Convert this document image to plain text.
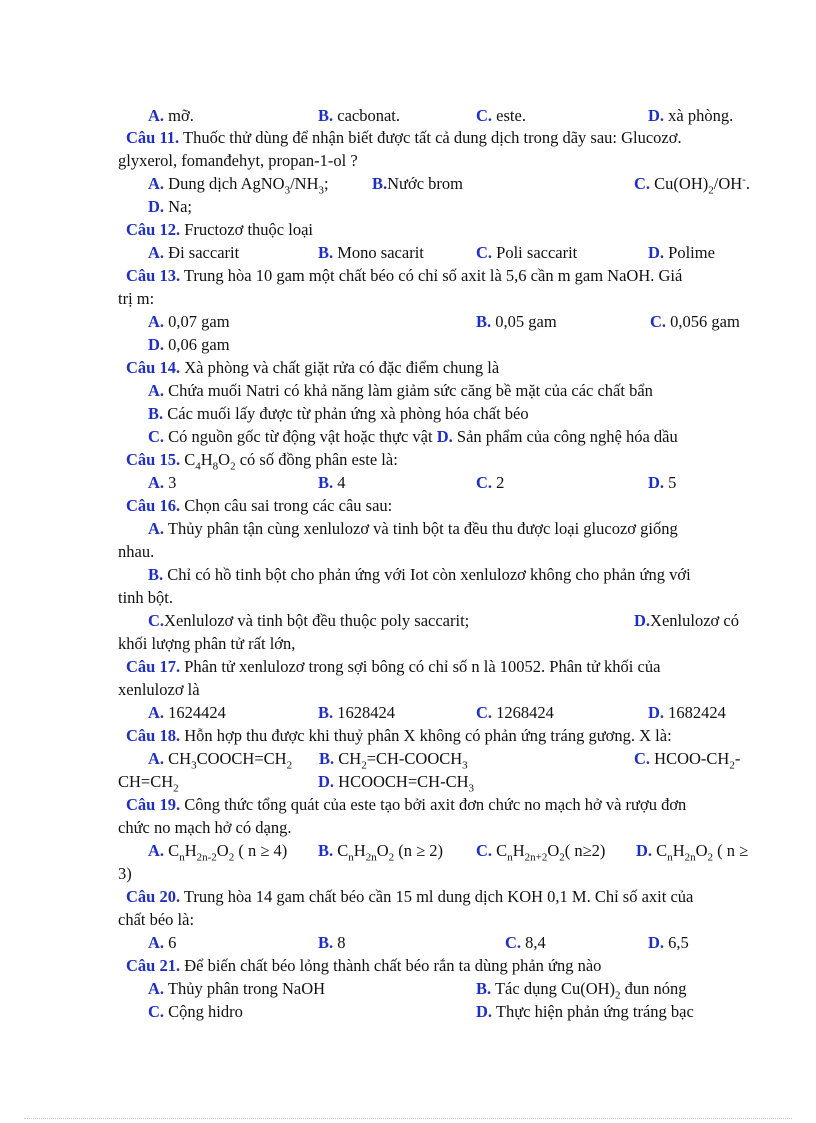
A. mỡ.	B. cacbonat.	C. este.	D. xà phòng.
Câu 11. Thuốc thử dùng để nhận biết được tất cả dung dịch trong dãy sau: Glucozơ.
glyxerol, fomanđehyt, propan-1-ol ?
A. Dung dịch $AgNO_3/NH_3$;	B.Nước brom	C. $Cu(OH)_2/OH^-$.
D. Na;
Câu 12. Fructozơ thuộc loại
A. Đi saccarit	B. Mono sacarit	C. Poli saccarit	D. Polime
Câu 13. Trung hòa 10 gam một chất béo có chỉ số axit là 5,6 cần m gam NaOH. Giá
trị m:
A. 0,07 gam	B. 0,05 gam	C. 0,056 gam
D. 0,06 gam
Câu 14. Xà phòng và chất giặt rửa có đặc điểm chung là
A. Chứa muối Natri có khả năng làm giảm sức căng bề mặt của các chất bẩn
B. Các muối lấy được từ phản ứng xà phòng hóa chất béo
C. Có nguồn gốc từ động vật hoặc thực vật D. Sản phẩm của công nghệ hóa dầu
Câu 15. $C_4H_8O_2$ có số đồng phân este là:
A. 3	B. 4	C. 2	D. 5
Câu 16. Chọn câu sai trong các câu sau:
A. Thủy phân tận cùng xenlulozơ và tinh bột ta đều thu được loại glucozơ giống
nhau.
B. Chỉ có hồ tinh bột cho phản ứng với Iot còn xenlulozơ không cho phản ứng với
tinh bột.
C.Xenlulozơ và tinh bột đều thuộc poly saccarit;	D.Xenlulozơ có
khối lượng phân tử rất lớn,
Câu 17. Phân tử xenlulozơ trong sợi bông có chỉ số n là 10052. Phân tử khối của
xenlulozơ là
A. 1624424	B. 1628424	C. 1268424	D. 1682424
Câu 18. Hỗn hợp thu được khi thuỷ phân X không có phản ứng tráng gương. X là:
A. $CH_3COOCH=CH_2$ B. $CH_2=CH-COOCH_3$	C. HCOO-$CH_2-$
$CH=CH_2$	D. $HCOOCH=CH-CH_3$
Câu 19. Công thức tổng quát của este tạo bởi axit đơn chức no mạch hở và rượu đơn
chức no mạch hở có dạng.
A. $C_nH_{2n-2}O_2$ ( n ≥ 4) B. $C_nH_{2n}O_2$ (n ≥ 2) C. $C_nH_{2n+2}O_2$( n≥2) D. $C_nH_{2n}O_2$ ( n ≥
3)
Câu 20. Trung hòa 14 gam chất béo cần 15 ml dung dịch KOH 0,1 M. Chỉ số axit của
chất béo là:
A. 6	B. 8	C. 8,4	D. 6,5
Câu 21. Để biến chất béo lỏng thành chất béo rắn ta dùng phản ứng nào
A. Thủy phân trong NaOH	B. Tác dụng $Cu(OH)_2$ đun nóng
C. Cộng hidro	D. Thực hiện phản ứng tráng bạc
